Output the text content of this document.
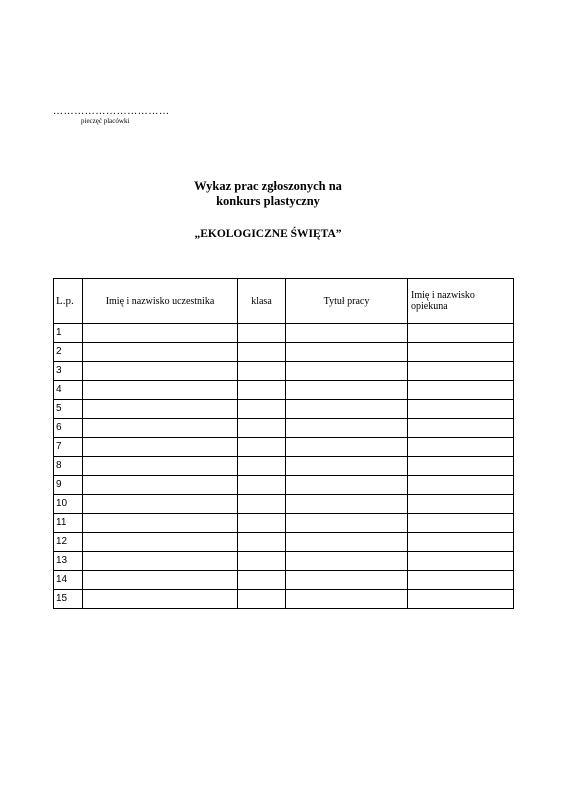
……………………………
pieczęć placówki
Wykaz prac zgłoszonych na
konkurs plastyczny
„EKOLOGICZNE ŚWIĘTA”
L.p.	Imię i nazwisko uczestnika	klasa	Tytuł pracy	Imię i nazwisko opiekuna
1				
2				
3				
4				
5				
6				
7				
8				
9				
10				
11				
12				
13				
14				
15				
